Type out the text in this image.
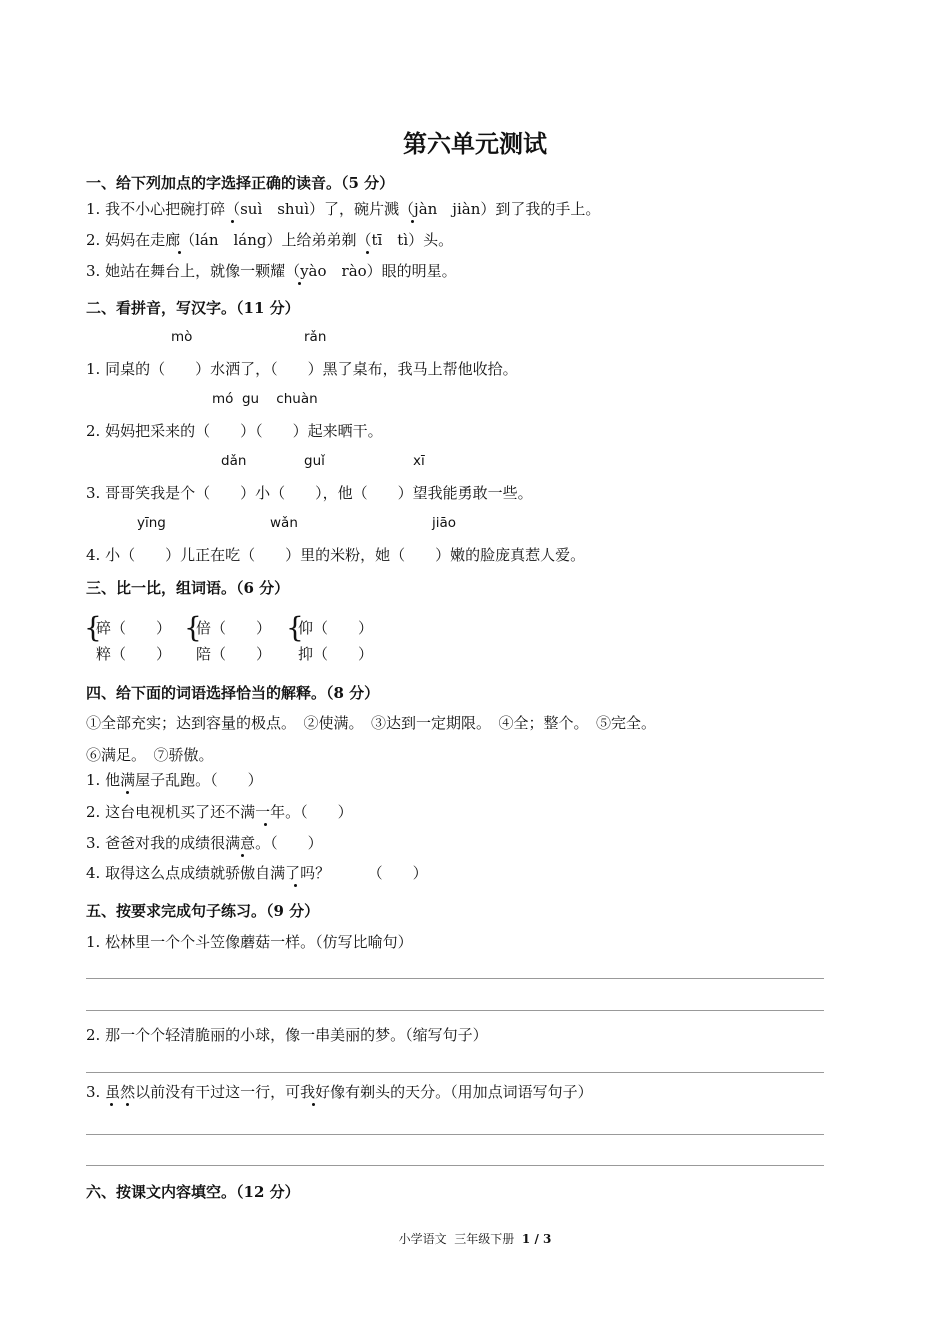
第六单元测试
一、给下列加点的字选择正确的读音。（5 分）
1. 我不小心把碗打碎（suì　shuì）了，碗片溅（jàn　jiàn）到了我的手上。
2. 妈妈在走廊（lán　láng）上给弟弟剃（tī　tì）头。
3. 她站在舞台上，就像一颗耀（yào　rào）眼的明星。
二、看拼音，写汉字。（11 分）
mò	rǎn
1. 同桌的（　　）水洒了，（　　）黑了桌布，我马上帮他收拾。
mó  gu    chuàn
2. 妈妈把采来的（　　）（　　）起来晒干。
dǎn	guǐ	xī
3. 哥哥笑我是个（　　）小（　　），他（　　）望我能勇敢一些。
yīng	wǎn	jiāo
4. 小（　　）儿正在吃（　　）里的米粉，她（　　）嫩的脸庞真惹人爱。
三、比一比，组词语。（6 分）
{
碎（　　）
粹（　　）
{
倍（　　）
陪（　　）
{
仰（　　）
抑（　　）
四、给下面的词语选择恰当的解释。（8 分）
①全部充实；达到容量的极点。　②使满。　③达到一定期限。　④全；整个。　⑤完全。
⑥满足。　⑦骄傲。
1. 他满屋子乱跑。（　　）
2. 这台电视机买了还不满一年。（　　）
3. 爸爸对我的成绩很满意。（　　）
4. 取得这么点成绩就骄傲自满了吗？　　　（　　）
五、按要求完成句子练习。（9 分）
1. 松林里一个个斗笠像蘑菇一样。（仿写比喻句）
2. 那一个个轻清脆丽的小球，像一串美丽的梦。（缩写句子）
3. 虽然以前没有干过这一行，可我好像有剃头的天分。（用加点词语写句子）
六、按课文内容填空。（12 分）
小学语文  三年级下册 1 / 3
